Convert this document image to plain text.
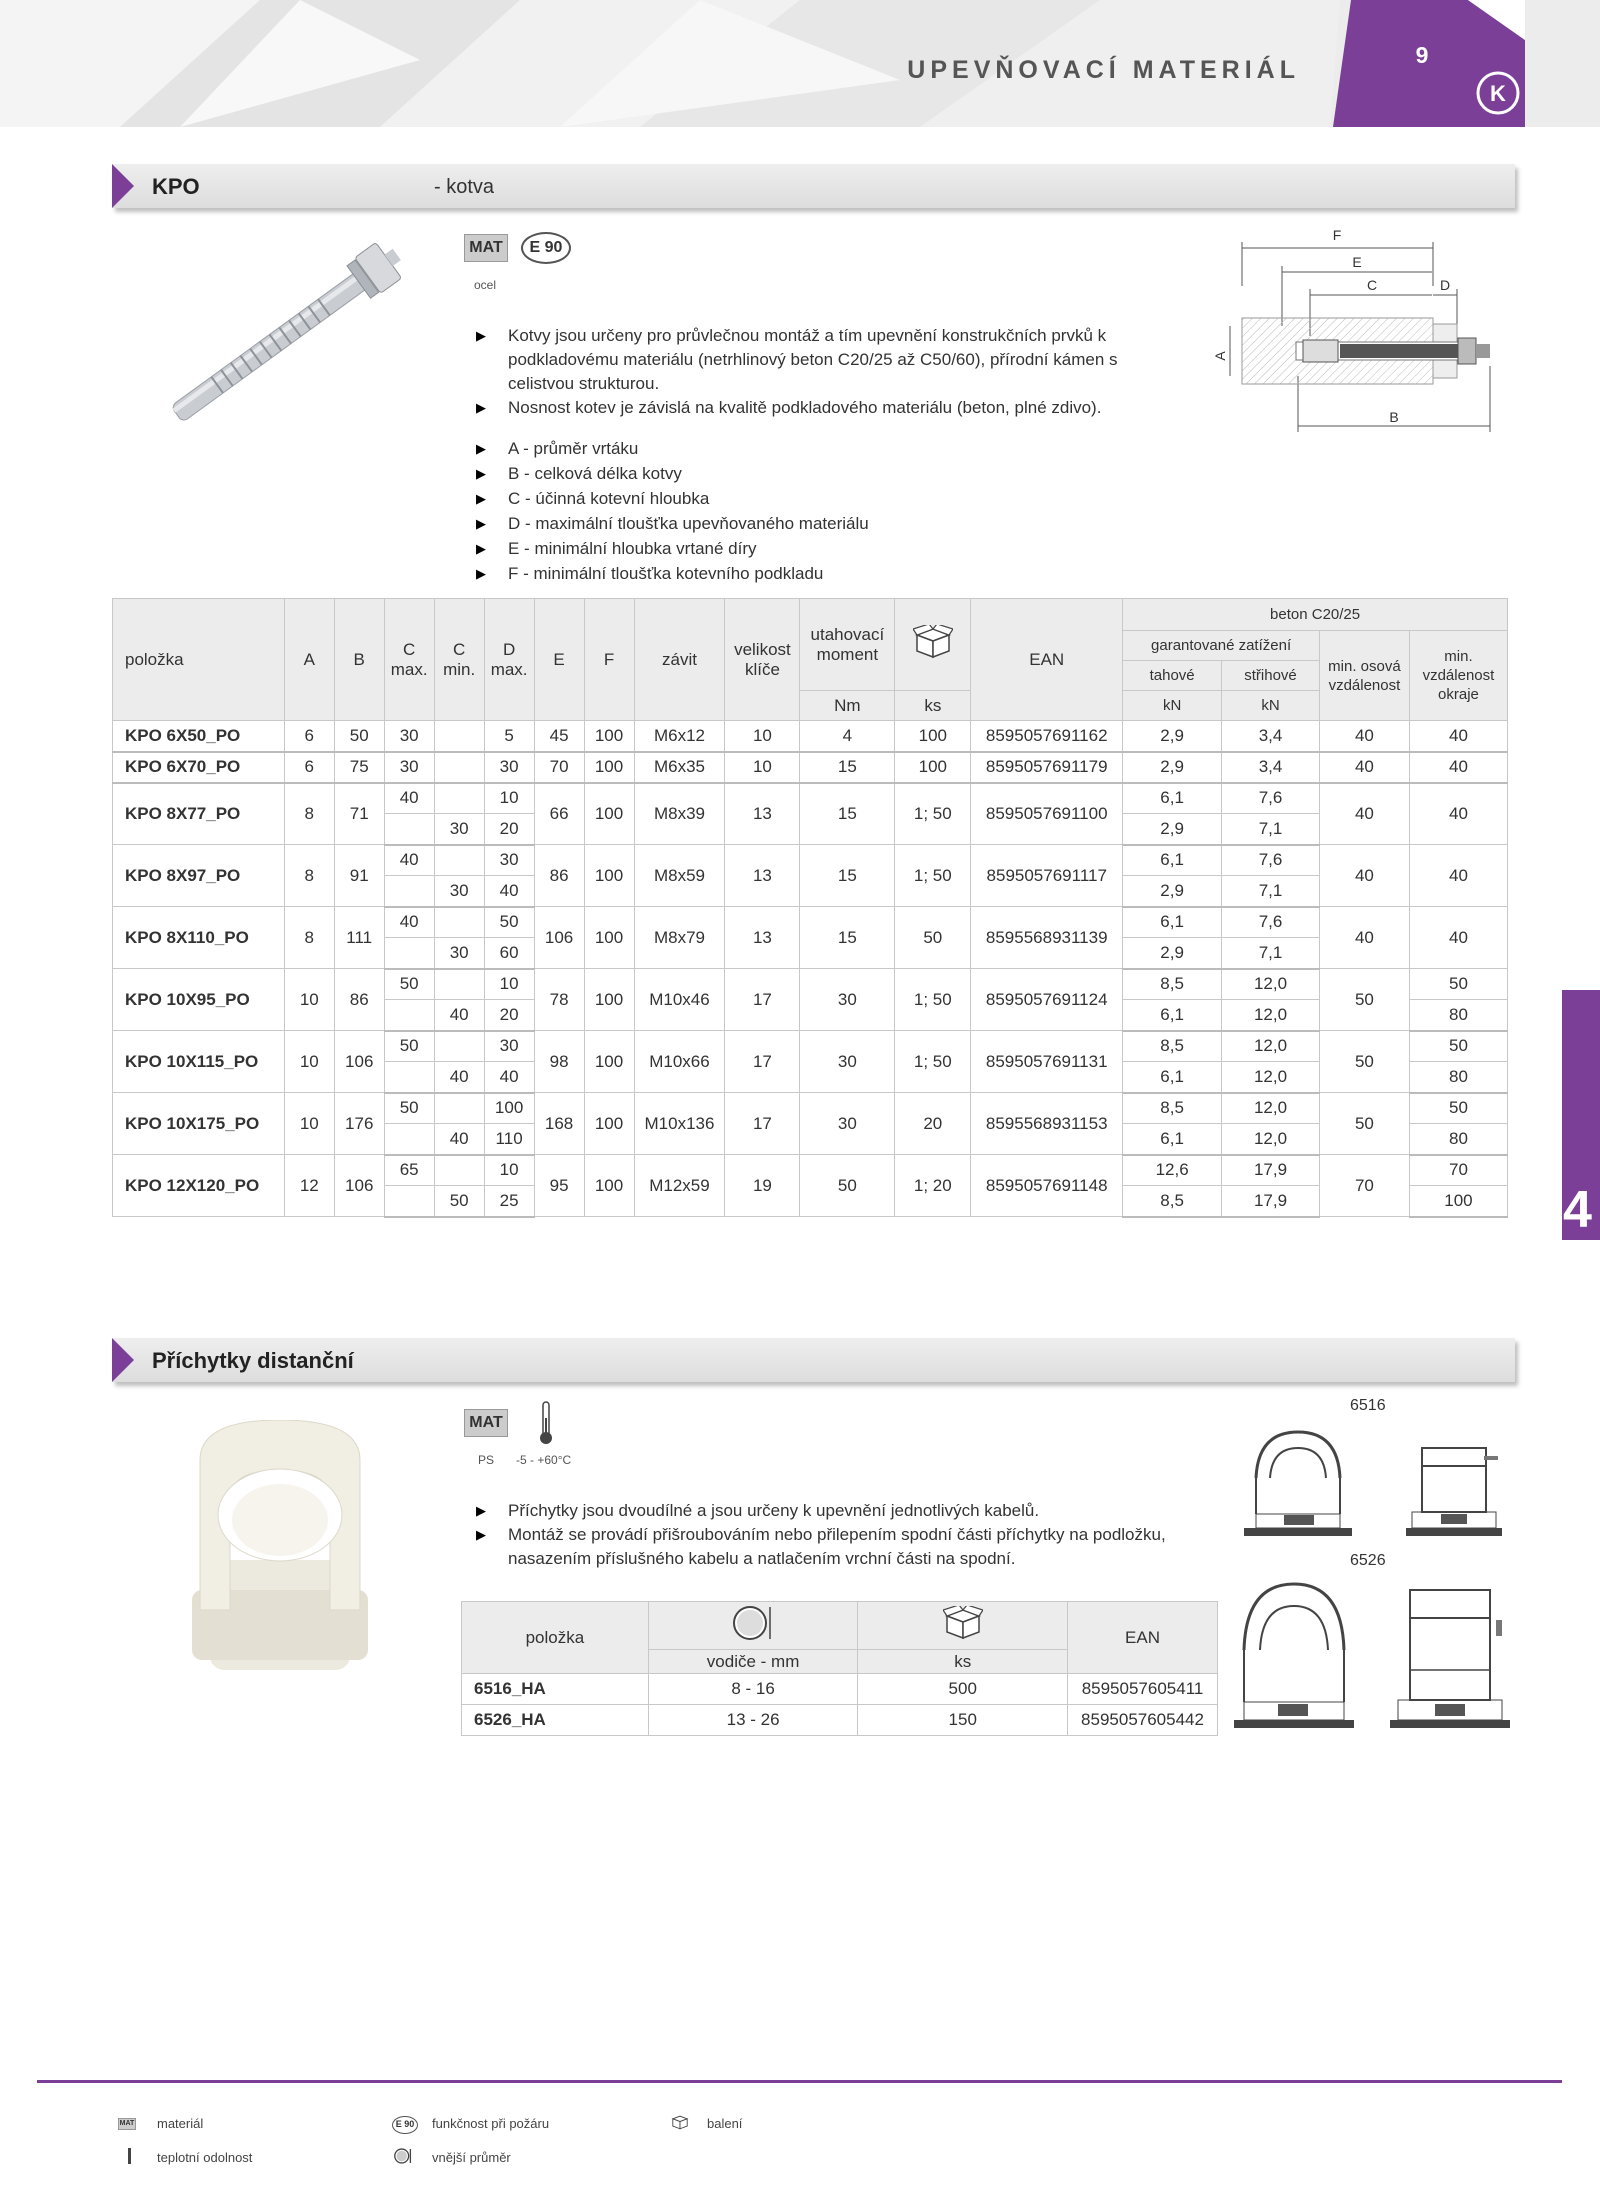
UPEVŇOVACÍ MATERIÁL
K
9
KPO	- kotva
MAT	E 90
ocel
▶ Kotvy jsou určeny pro průvlečnou montáž a tím upevnění konstrukčních prvků k podkladovému materiálu (netrhlinový beton C20/25 až C50/60), přírodní kámen s celistvou strukturou.
▶ Nosnost kotev je závislá na kvalitě podkladového materiálu (beton, plné zdivo).
▶ A - průměr vrtáku
▶ B - celková délka kotvy
▶ C - účinná kotevní hloubka
▶ D - maximální tloušťka upevňovaného materiálu
▶ E - minimální hloubka vrtané díry
▶ F - minimální tloušťka kotevního podkladu
F
E
C	D
B
A
položka	A	B	C max.	C min.	D max.	E	F	závit	velikost klíče	utahovací moment		EAN	beton C20/25			
													garantované zatížení		min. osová vzdálenost	min. vzdálenost okraje
													tahové	střihové		
										Nm	ks		kN	kN		
KPO 6X50_PO	6	50	30		5	45	100	M6x12	10	4	100	8595057691162	2,9	3,4	40	40
KPO 6X70_PO	6	75	30		30	70	100	M6x35	10	15	100	8595057691179	2,9	3,4	40	40
KPO 8X77_PO	8	71	40		10	66	100	M8x39	13	15	1; 50	8595057691100	6,1	7,6	40	40
				30	20								2,9	7,1		
KPO 8X97_PO	8	91	40		30	86	100	M8x59	13	15	1; 50	8595057691117	6,1	7,6	40	40
				30	40								2,9	7,1		
KPO 8X110_PO	8	111	40		50	106	100	M8x79	13	15	50	8595568931139	6,1	7,6	40	40
				30	60								2,9	7,1		
KPO 10X95_PO	10	86	50		10	78	100	M10x46	17	30	1; 50	8595057691124	8,5	12,0	50	50
				40	20								6,1	12,0		80
KPO 10X115_PO	10	106	50		30	98	100	M10x66	17	30	1; 50	8595057691131	8,5	12,0	50	50
				40	40								6,1	12,0		80
KPO 10X175_PO	10	176	50		100	168	100	M10x136	17	30	20	8595568931153	8,5	12,0	50	50
				40	110								6,1	12,0		80
KPO 12X120_PO	12	106	65		10	95	100	M12x59	19	50	1; 20	8595057691148	12,6	17,9	70	70
				50	25								8,5	17,9		100
Příchytky distanční
MAT
PS -5 - +60°C
▶ Příchytky jsou dvoudílné a jsou určeny k upevnění jednotlivých kabelů.
▶ Montáž se provádí přišroubováním nebo přilepením spodní části příchytky na podložku, nasazením příslušného kabelu a natlačením vrchní části na spodní.
6516
6526
položka			EAN
	vodiče - mm	ks	
6516_HA	8 - 16	500	8595057605411
6526_HA	13 - 26	150	8595057605442
4
MAT materiál	E 90 funkčnost při požáru	balení
teplotní odolnost	vnější průměr
